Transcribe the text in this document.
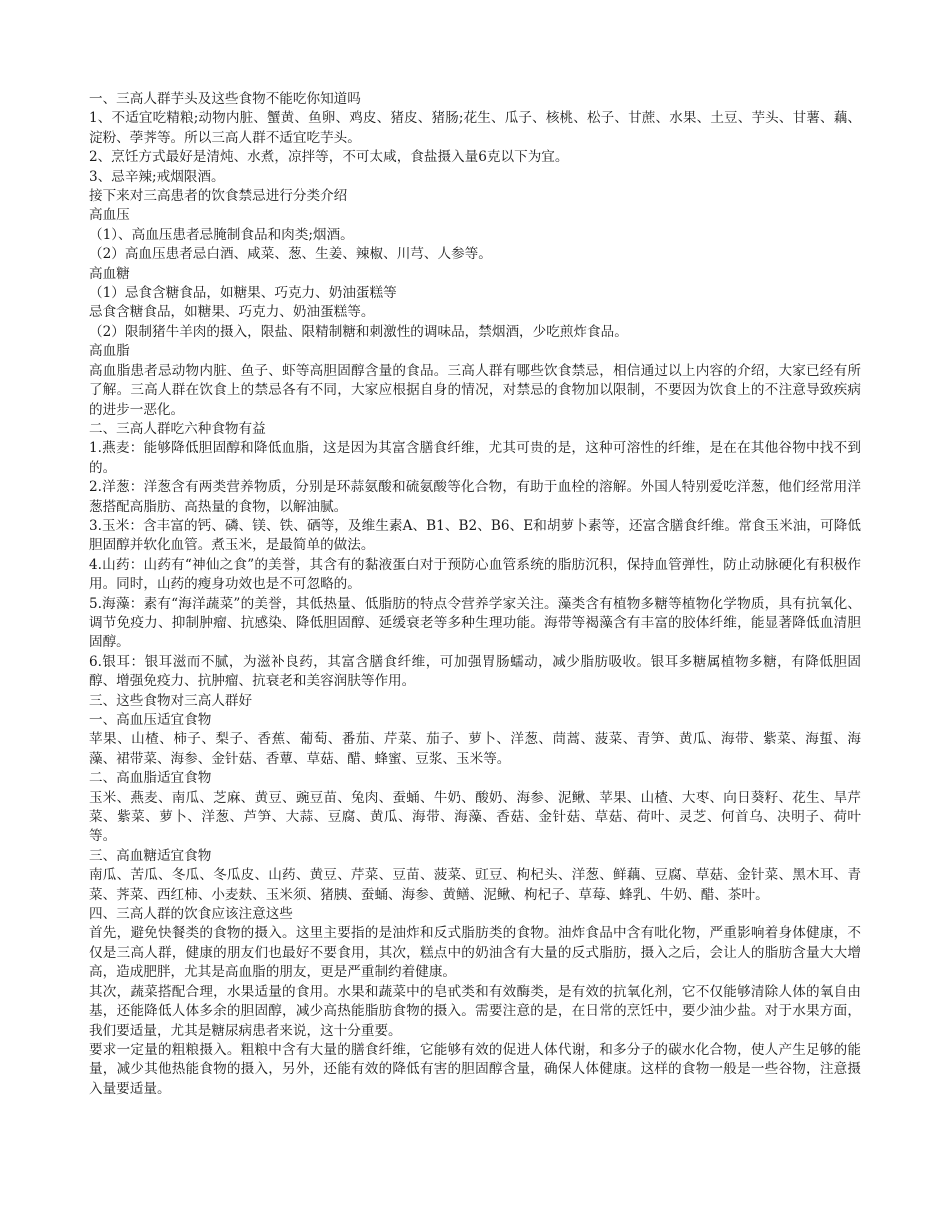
一、三高人群芋头及这些食物不能吃你知道吗

1、不适宜吃精粮;动物内脏、蟹黄、鱼卵、鸡皮、猪皮、猪肠;花生、瓜子、核桃、松子、甘蔗、水果、土豆、芋头、甘薯、藕、淀粉、荸荠等。所以三高人群不适宜吃芋头。

2、烹饪方式最好是清炖、水煮，凉拌等，不可太咸，食盐摄入量6克以下为宜。

3、忌辛辣;戒烟限酒。

接下来对三高患者的饮食禁忌进行分类介绍

高血压

（1）、高血压患者忌腌制食品和肉类;烟酒。

（2）高血压患者忌白酒、咸菜、葱、生姜、辣椒、川芎、人参等。

高血糖

（1）忌食含糖食品，如糖果、巧克力、奶油蛋糕等

忌食含糖食品，如糖果、巧克力、奶油蛋糕等。

（2）限制猪牛羊肉的摄入，限盐、限精制糖和刺激性的调味品，禁烟酒，少吃煎炸食品。

高血脂

高血脂患者忌动物内脏、鱼子、虾等高胆固醇含量的食品。三高人群有哪些饮食禁忌，相信通过以上内容的介绍，大家已经有所了解。三高人群在饮食上的禁忌各有不同，大家应根据自身的情况，对禁忌的食物加以限制，不要因为饮食上的不注意导致疾病的进步一恶化。

二、三高人群吃六种食物有益

1.燕麦：能够降低胆固醇和降低血脂，这是因为其富含膳食纤维，尤其可贵的是，这种可溶性的纤维，是在在其他谷物中找不到的。

2.洋葱：洋葱含有两类营养物质，分别是环蒜氨酸和硫氨酸等化合物，有助于血栓的溶解。外国人特别爱吃洋葱，他们经常用洋葱搭配高脂肪、高热量的食物，以解油腻。

3.玉米：含丰富的钙、磷、镁、铁、硒等，及维生素A、B1、B2、B6、E和胡萝卜素等，还富含膳食纤维。常食玉米油，可降低胆固醇并软化血管。煮玉米，是最简单的做法。

4.山药：山药有“神仙之食”的美誉，其含有的黏液蛋白对于预防心血管系统的脂肪沉积，保持血管弹性，防止动脉硬化有积极作用。同时，山药的瘦身功效也是不可忽略的。

5.海藻：素有“海洋蔬菜”的美誉，其低热量、低脂肪的特点令营养学家关注。藻类含有植物多糖等植物化学物质，具有抗氧化、调节免疫力、抑制肿瘤、抗感染、降低胆固醇、延缓衰老等多种生理功能。海带等褐藻含有丰富的胶体纤维，能显著降低血清胆固醇。

6.银耳：银耳滋而不腻，为滋补良药，其富含膳食纤维，可加强胃肠蠕动，减少脂肪吸收。银耳多糖属植物多糖，有降低胆固醇、增强免疫力、抗肿瘤、抗衰老和美容润肤等作用。

三、这些食物对三高人群好

一、高血压适宜食物

苹果、山楂、柿子、梨子、香蕉、葡萄、番茄、芹菜、茄子、萝卜、洋葱、茼蒿、菠菜、青笋、黄瓜、海带、紫菜、海蜇、海藻、裙带菜、海参、金针菇、香蕈、草菇、醋、蜂蜜、豆浆、玉米等。

二、高血脂适宜食物

玉米、燕麦、南瓜、芝麻、黄豆、豌豆苗、兔肉、蚕蛹、牛奶、酸奶、海参、泥鳅、苹果、山楂、大枣、向日葵籽、花生、旱芹菜、紫菜、萝卜、洋葱、芦笋、大蒜、豆腐、黄瓜、海带、海藻、香菇、金针菇、草菇、荷叶、灵芝、何首乌、决明子、荷叶等。

三、高血糖适宜食物

南瓜、苦瓜、冬瓜、冬瓜皮、山药、黄豆、芹菜、豆苗、菠菜、豇豆、枸杞头、洋葱、鲜藕、豆腐、草菇、金针菜、黑木耳、青菜、荠菜、西红柿、小麦麸、玉米须、猪胰、蚕蛹、海参、黄鳝、泥鳅、枸杞子、草莓、蜂乳、牛奶、醋、茶叶。

四、三高人群的饮食应该注意这些

首先，避免快餐类的食物的摄入。这里主要指的是油炸和反式脂肪类的食物。油炸食品中含有吡化物，严重影响着身体健康，不仅是三高人群，健康的朋友们也最好不要食用，其次，糕点中的奶油含有大量的反式脂肪，摄入之后，会让人的脂肪含量大大增高，造成肥胖，尤其是高血脂的朋友，更是严重制约着健康。

其次，蔬菜搭配合理，水果适量的食用。水果和蔬菜中的皂甙类和有效酶类，是有效的抗氧化剂，它不仅能够清除人体的氧自由基，还能降低人体多余的胆固醇，减少高热能脂肪食物的摄入。需要注意的是，在日常的烹饪中，要少油少盐。对于水果方面，我们要适量，尤其是糖尿病患者来说，这十分重要。

要求一定量的粗粮摄入。粗粮中含有大量的膳食纤维，它能够有效的促进人体代谢，和多分子的碳水化合物，使人产生足够的能量，减少其他热能食物的摄入，另外，还能有效的降低有害的胆固醇含量，确保人体健康。这样的食物一般是一些谷物，注意摄入量要适量。
